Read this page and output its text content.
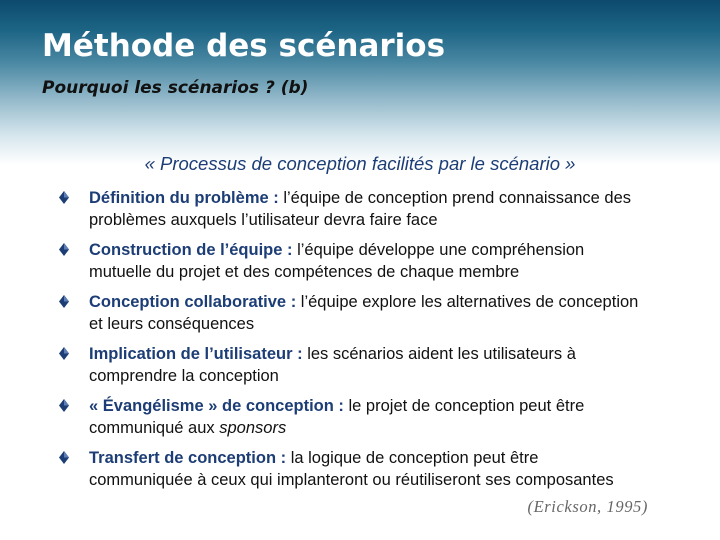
Méthode des scénarios
Pourquoi les scénarios ? (b)
« Processus de conception facilités par le scénario »

Définition du problème : l’équipe de conception prend connaissance des
problèmes auxquels l’utilisateur devra faire face

Construction de l’équipe : l’équipe développe une compréhension
mutuelle du projet et des compétences de chaque membre

Conception collaborative : l’équipe explore les alternatives de conception
et leurs conséquences

Implication de l’utilisateur : les scénarios aident les utilisateurs à
comprendre la conception

« Évangélisme » de conception : le projet de conception peut être
communiqué aux sponsors

Transfert de conception : la logique de conception peut être
communiquée à ceux qui implanteront ou réutiliseront ses composantes

(Erickson, 1995)
